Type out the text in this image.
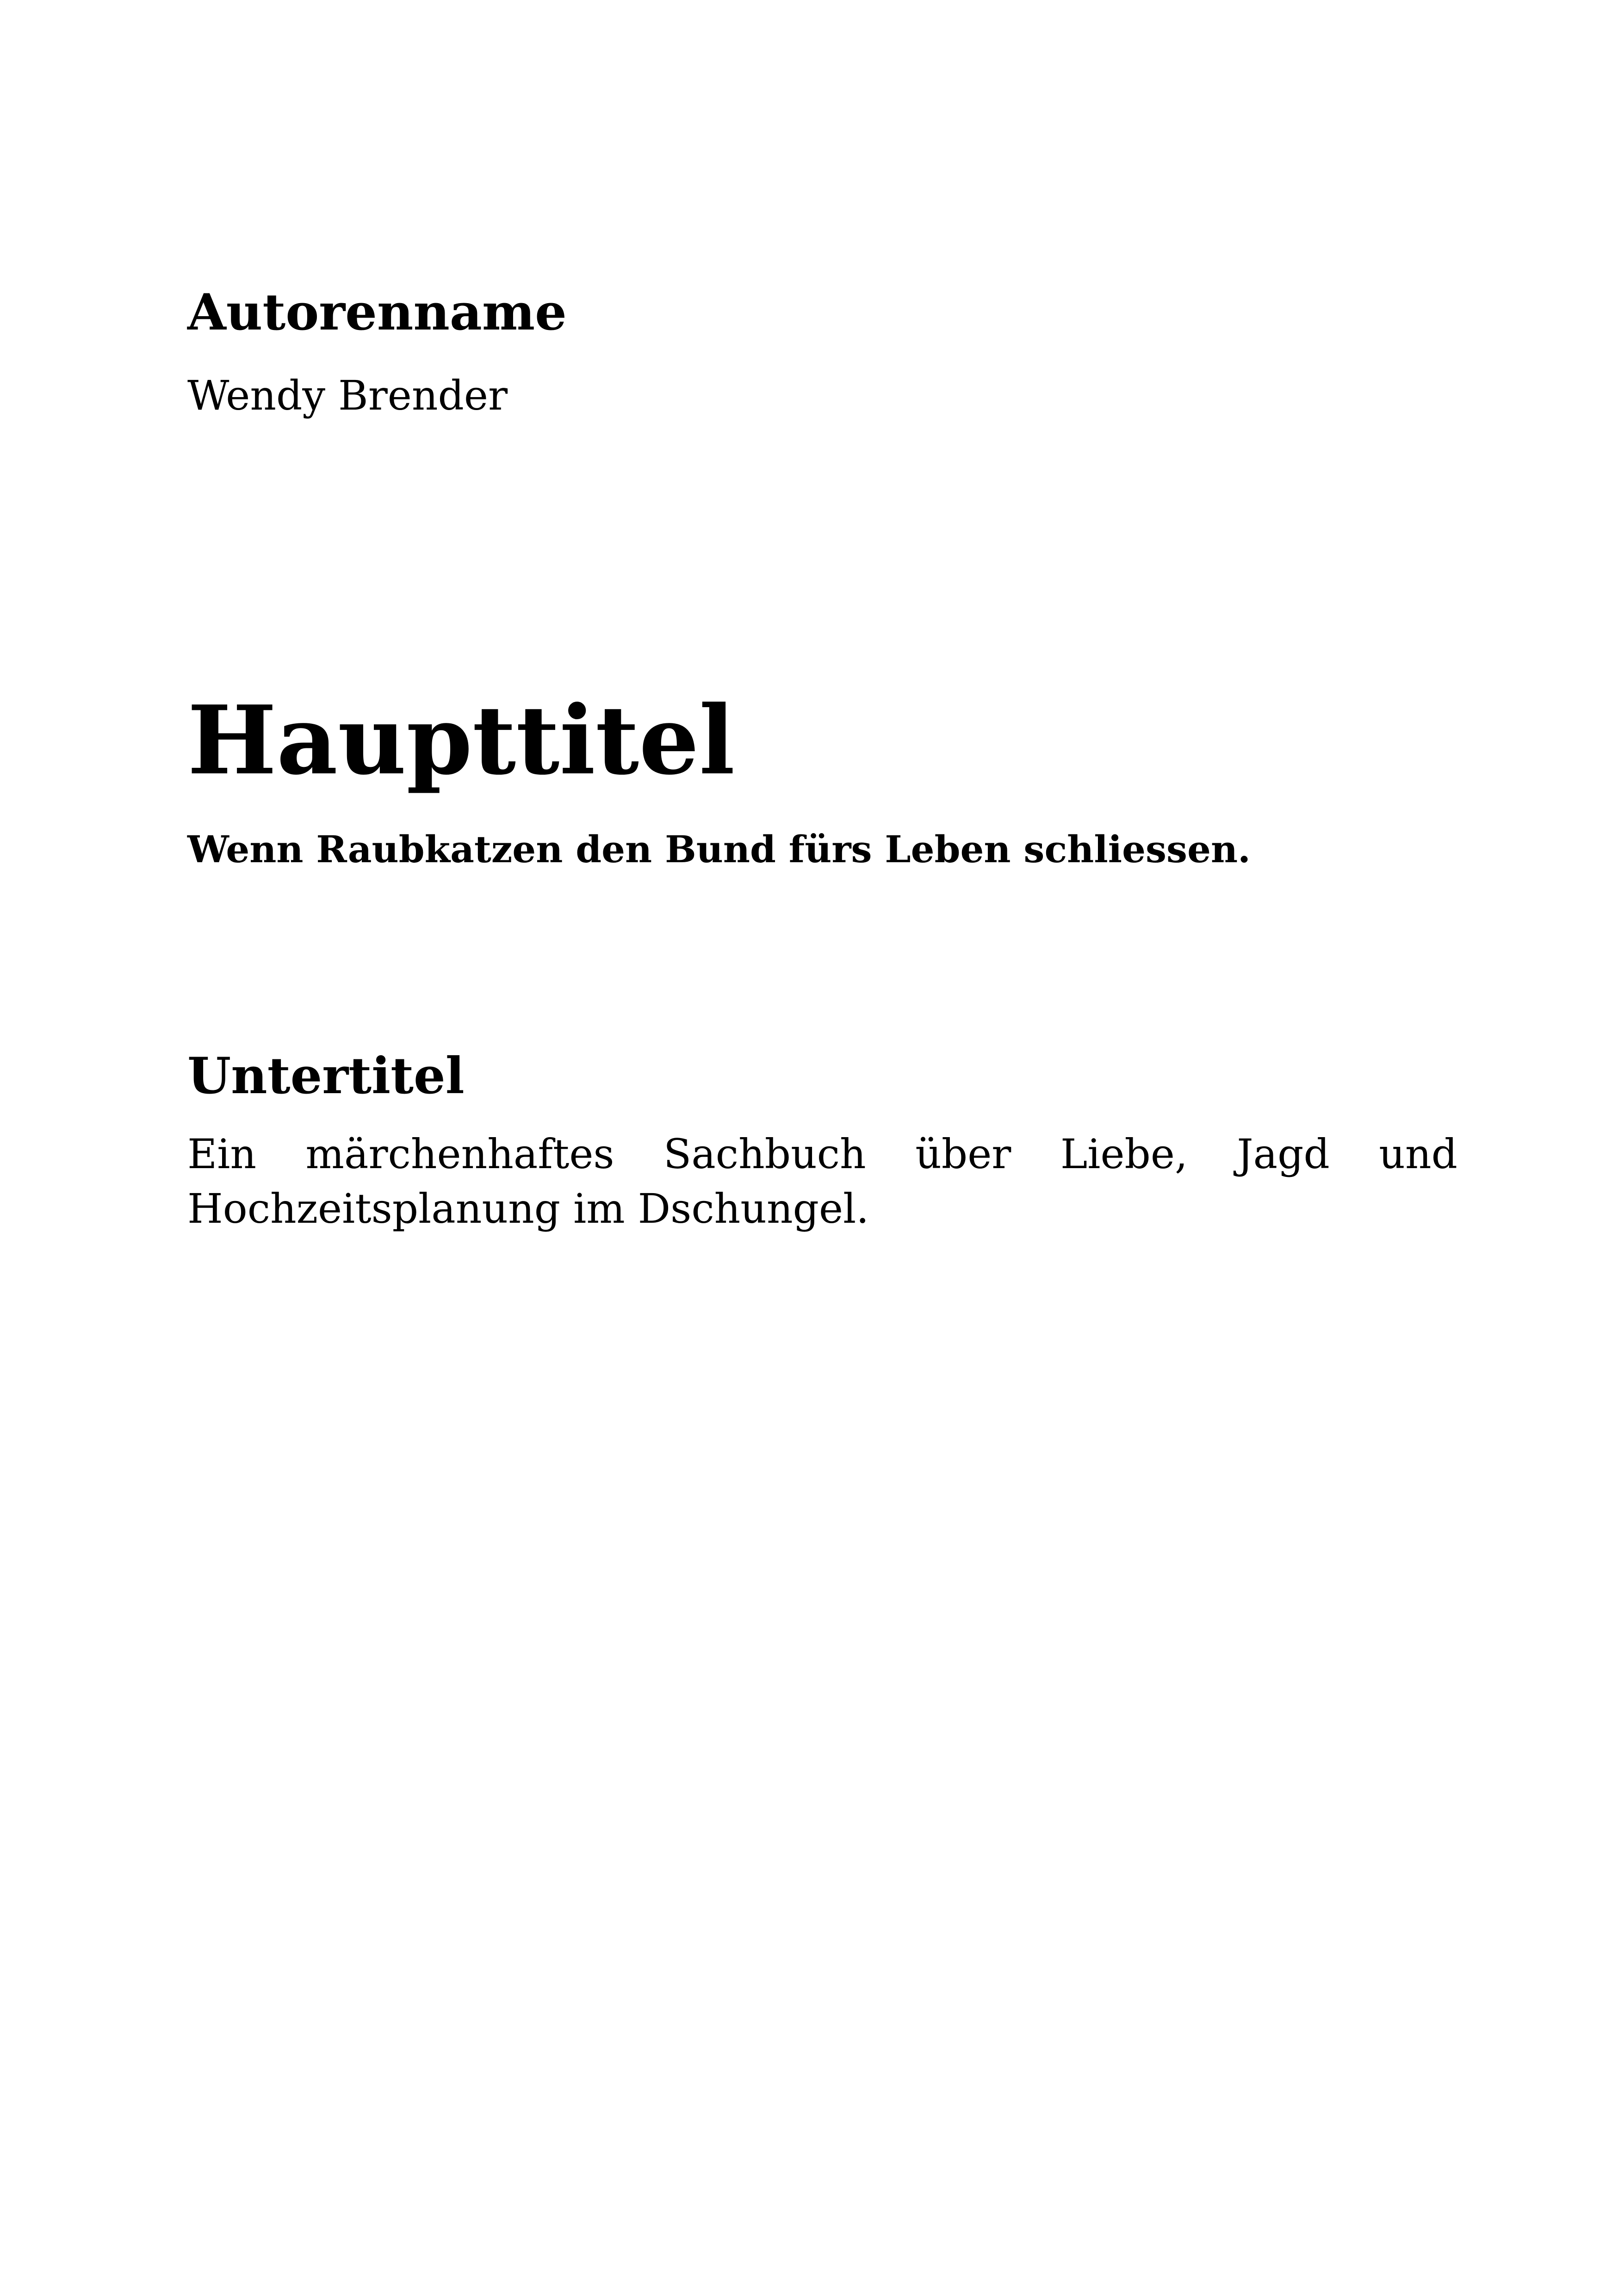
Autorenname

Wendy Brender

Haupttitel

Wenn Raubkatzen den Bund fürs Leben schliessen.

Untertitel

Ein märchenhaftes Sachbuch über Liebe, Jagd und Hochzeitsplanung im Dschungel.
